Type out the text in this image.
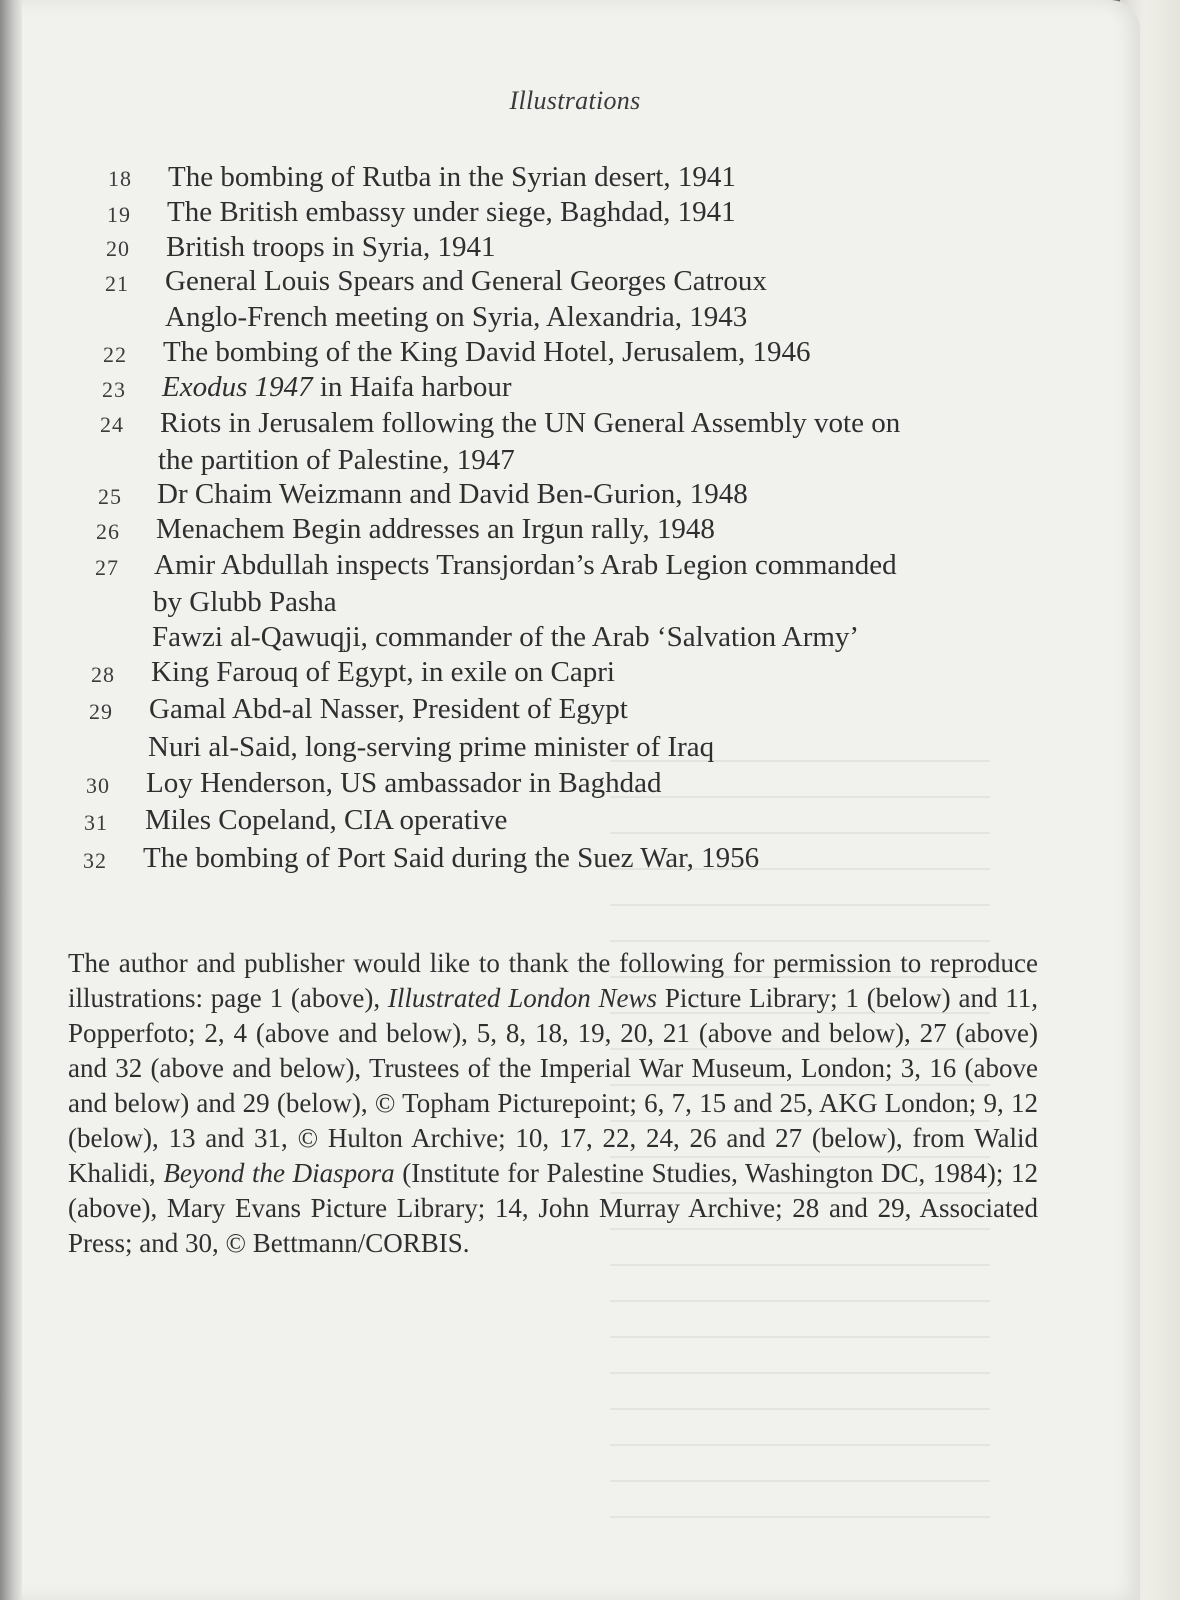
Illustrations
18 The bombing of Rutba in the Syrian desert, 1941
19 The British embassy under siege, Baghdad, 1941
20 British troops in Syria, 1941
21 General Louis Spears and General Georges Catroux
Anglo-French meeting on Syria, Alexandria, 1943
22 The bombing of the King David Hotel, Jerusalem, 1946
23 Exodus 1947 in Haifa harbour
24 Riots in Jerusalem following the UN General Assembly vote on
the partition of Palestine, 1947
25 Dr Chaim Weizmann and David Ben-Gurion, 1948
26 Menachem Begin addresses an Irgun rally, 1948
27 Amir Abdullah inspects Transjordan’s Arab Legion commanded
by Glubb Pasha
Fawzi al-Qawuqji, commander of the Arab ‘Salvation Army’
28 King Farouq of Egypt, in exile on Capri
29 Gamal Abd-al Nasser, President of Egypt
Nuri al-Said, long-serving prime minister of Iraq
30 Loy Henderson, US ambassador in Baghdad
31 Miles Copeland, CIA operative
32 The bombing of Port Said during the Suez War, 1956
The author and publisher would like to thank the following for permission to reproduce illustrations: page 1 (above), Illustrated London News Picture Library; 1 (below) and 11, Popperfoto; 2, 4 (above and below), 5, 8, 18, 19, 20, 21 (above and below), 27 (above) and 32 (above and below), Trustees of the Imperial War Museum, London; 3, 16 (above and below) and 29 (below), © Topham Picturepoint; 6, 7, 15 and 25, AKG London; 9, 12 (below), 13 and 31, © Hulton Archive; 10, 17, 22, 24, 26 and 27 (below), from Walid Khalidi, Beyond the Diaspora (Institute for Palestine Studies, Washington DC, 1984); 12 (above), Mary Evans Picture Library; 14, John Murray Archive; 28 and 29, Associated Press; and 30, © Bettmann/CORBIS.
